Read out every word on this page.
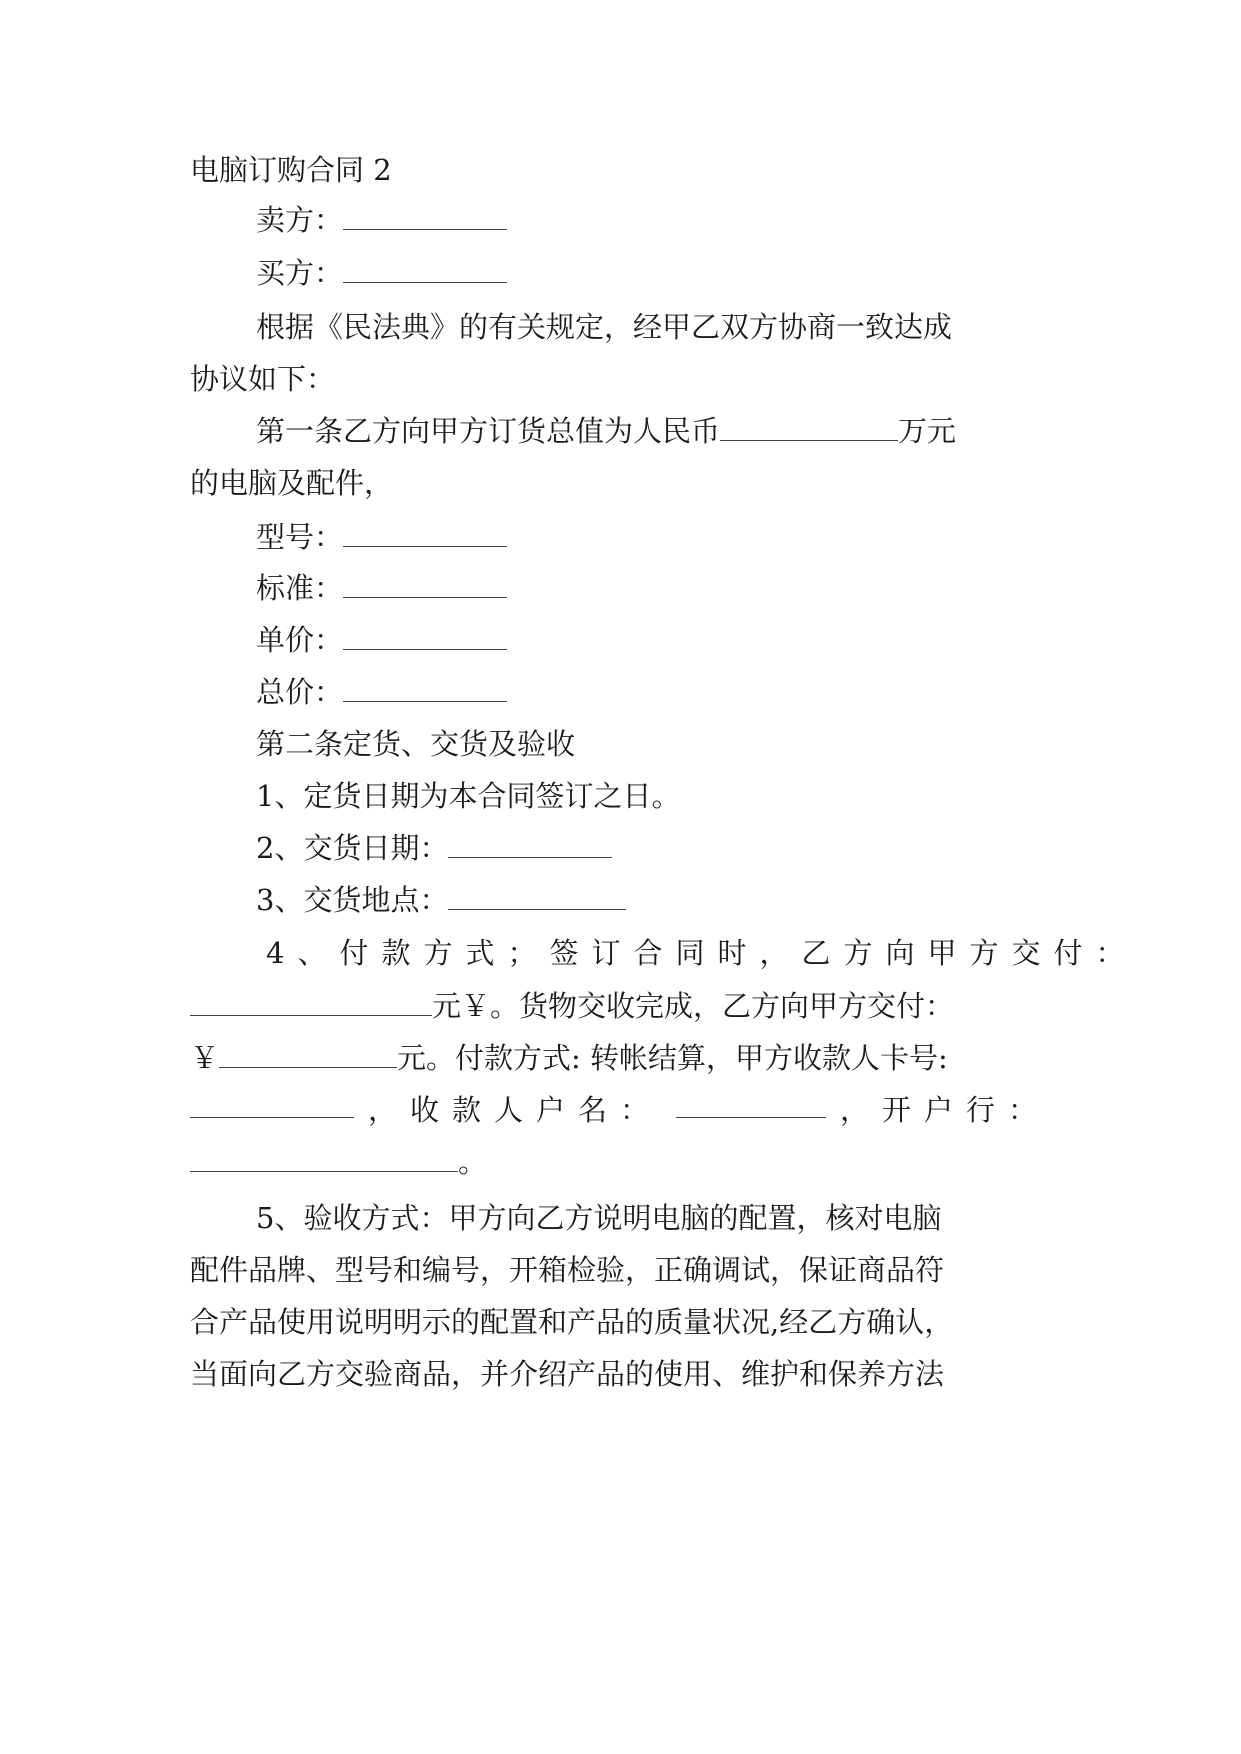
电脑订购合同 2
卖方：
买方：
根据《民法典》的有关规定，经甲乙双方协商一致达成
协议如下：
第一条乙方向甲方订货总值为人民币	万元
的电脑及配件，
型号：
标准：
单价：
总价：
第二条定货、交货及验收
1、定货日期为本合同签订之日。
2、交货日期：
3、交货地点：
4、付款方式；签订合同时，乙方向甲方交付：
元￥。货物交收完成，乙方向甲方交付：
￥	元。付款方式: 转帐结算，甲方收款人卡号:
，收款人户名：	，开户行：
。
5、验收方式：甲方向乙方说明电脑的配置，核对电脑
配件品牌、型号和编号，开箱检验，正确调试，保证商品符
合产品使用说明明示的配置和产品的质量状况,经乙方确认，
当面向乙方交验商品，并介绍产品的使用、维护和保养方法
